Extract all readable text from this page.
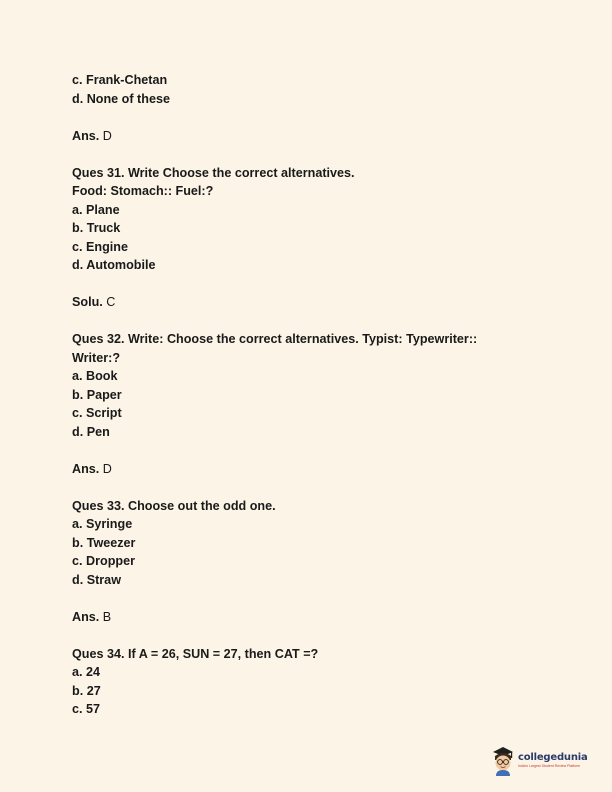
c. Frank-Chetan
d. None of these
Ans. D
Ques 31. Write Choose the correct alternatives.
Food: Stomach:: Fuel:?
a. Plane
b. Truck
c. Engine
d. Automobile
Solu. C
Ques 32. Write: Choose the correct alternatives. Typist: Typewriter::
Writer:?
a. Book
b. Paper
c. Script
d. Pen
Ans. D
Ques 33. Choose out the odd one.
a. Syringe
b. Tweezer
c. Dropper
d. Straw
Ans. B
Ques 34. If A = 26, SUN = 27, then CAT =?
a. 24
b. 27
c. 57
collegedunia
India's Largest Student Review Platform
